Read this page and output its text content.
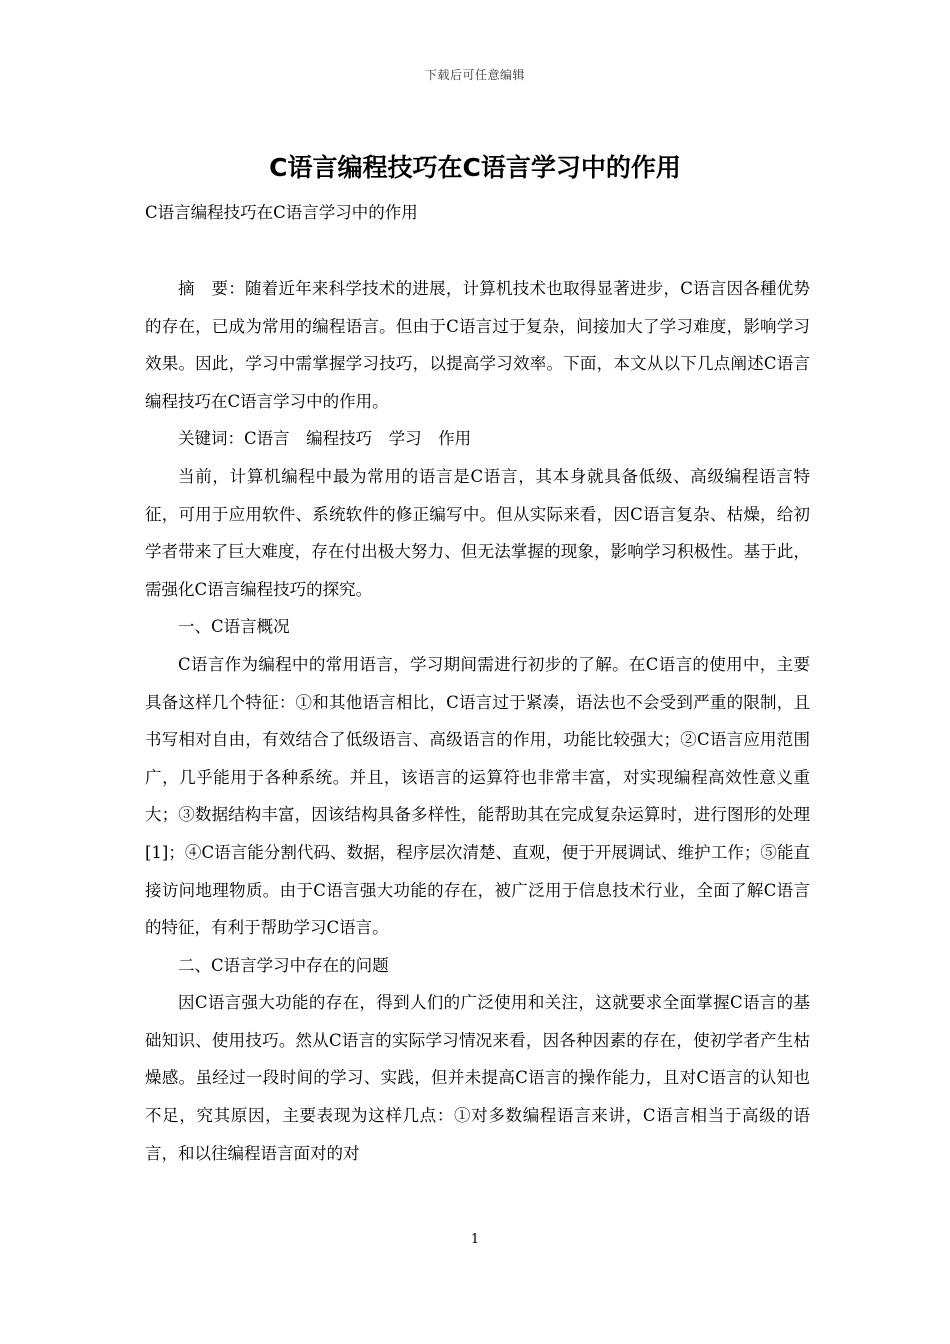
下载后可任意编辑
C语言编程技巧在C语言学习中的作用

C语言编程技巧在C语言学习中的作用

摘　要：随着近年来科学技术的进展，计算机技术也取得显著进步，C语言因各種优势的存在，已成为常用的编程语言。但由于C语言过于复杂，间接加大了学习难度，影响学习效果。因此，学习中需掌握学习技巧，以提高学习效率。下面，本文从以下几点阐述C语言编程技巧在C语言学习中的作用。

关键词：C语言　编程技巧　学习　作用

当前，计算机编程中最为常用的语言是C语言，其本身就具备低级、高级编程语言特征，可用于应用软件、系统软件的修正编写中。但从实际来看，因C语言复杂、枯燥，给初学者带来了巨大难度，存在付出极大努力、但无法掌握的现象，影响学习积极性。基于此，需强化C语言编程技巧的探究。

一、C语言概况

C语言作为编程中的常用语言，学习期间需进行初步的了解。在C语言的使用中，主要具备这样几个特征：①和其他语言相比，C语言过于紧凑，语法也不会受到严重的限制，且书写相对自由，有效结合了低级语言、高级语言的作用，功能比较强大；②C语言应用范围广，几乎能用于各种系统。并且，该语言的运算符也非常丰富，对实现编程高效性意义重大；③数据结构丰富，因该结构具备多样性，能帮助其在完成复杂运算时，进行图形的处理[1]；④C语言能分割代码、数据，程序层次清楚、直观，便于开展调试、维护工作；⑤能直接访问地理物质。由于C语言强大功能的存在，被广泛用于信息技术行业，全面了解C语言的特征，有利于帮助学习C语言。

二、C语言学习中存在的问题

因C语言强大功能的存在，得到人们的广泛使用和关注，这就要求全面掌握C语言的基础知识、使用技巧。然从C语言的实际学习情况来看，因各种因素的存在，使初学者产生枯燥感。虽经过一段时间的学习、实践，但并未提高C语言的操作能力，且对C语言的认知也不足，究其原因，主要表现为这样几点：①对多数编程语言来讲，C语言相当于高级的语言，和以往编程语言面对的对

1
